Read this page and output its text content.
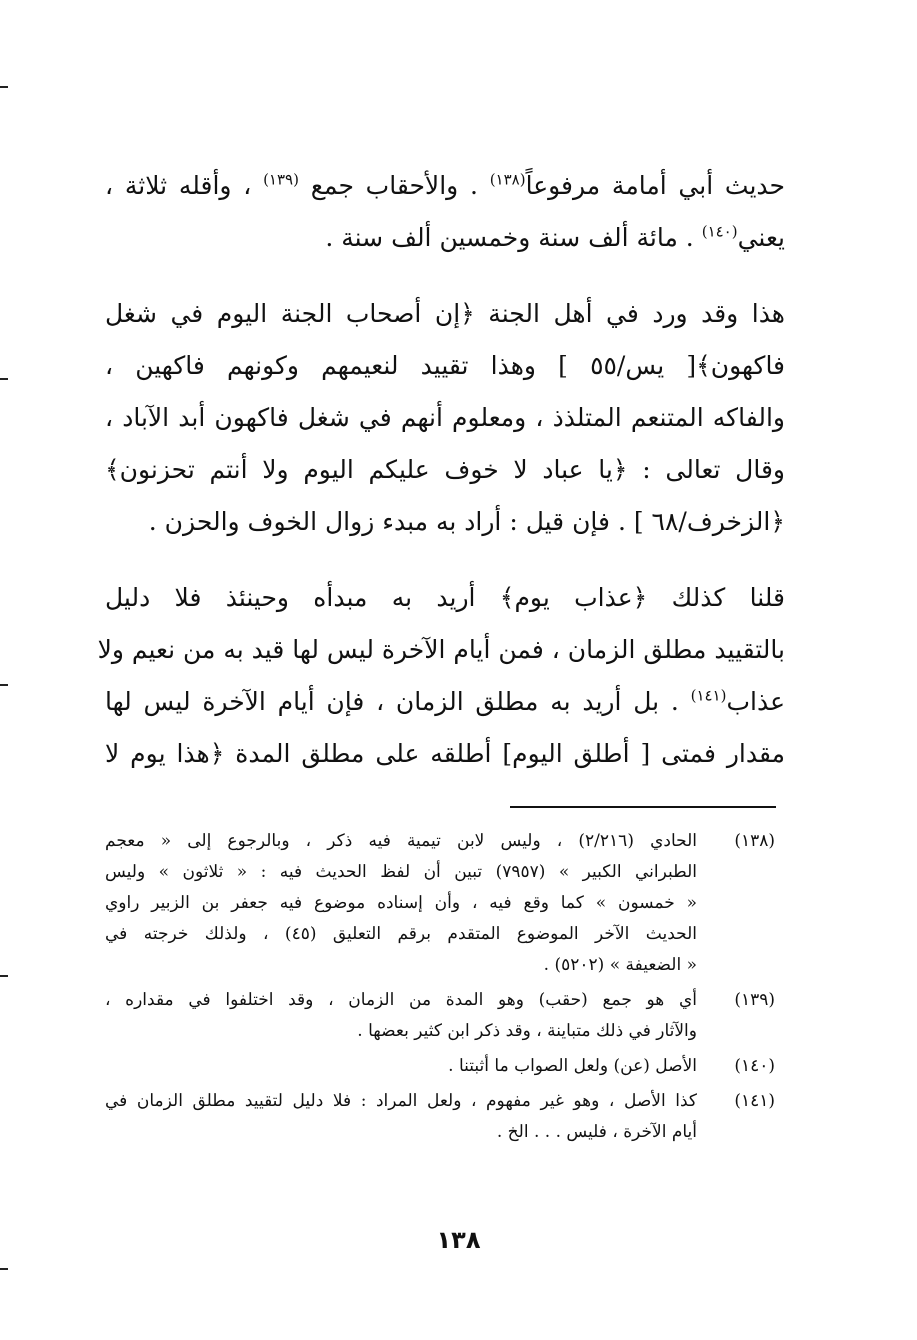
حديث أبي أمامة مرفوعاً$^{(١٣٨)}$ . والأحقاب جمع $^{(١٣٩)}$ ، وأقله ثلاثة ،
يعني$^{(١٤٠)}$ . مائة ألف سنة وخمسين ألف سنة .

هذا وقد ورد في أهل الجنة ﴿إن أصحاب الجنة اليوم في شغل
فاكهون﴾[ يس/٥٥ ] وهذا تقييد لنعيمهم وكونهم فاكهين ،
والفاكه المتنعم المتلذذ ، ومعلوم أنهم في شغل فاكهون أبد الآباد ،
وقال تعالى : ﴿يا عباد لا خوف عليكم اليوم ولا أنتم تحزنون﴾
﴿الزخرف/٦٨ ] . فإن قيل : أراد به مبدء زوال الخوف والحزن .

قلنا كذلك ﴿عذاب يوم﴾ أريد به مبدأه وحينئذ فلا دليل
بالتقييد مطلق الزمان ، فمن أيام الآخرة ليس لها قيد به من نعيم ولا
عذاب$^{(١٤١)}$ . بل أريد به مطلق الزمان ، فإن أيام الآخرة ليس لها
مقدار فمتى [ أطلق اليوم] أطلقه على مطلق المدة ﴿هذا يوم لا

(١٣٨)
الحادي (٢/٢١٦) ، وليس لابن تيمية فيه ذكر ، وبالرجوع إلى « معجم
الطبراني الكبير » (٧٩٥٧) تبين أن لفظ الحديث فيه : « ثلاثون » وليس
« خمسون » كما وقع فيه ، وأن إسناده موضوع فيه جعفر بن الزبير راوي
الحديث الآخر الموضوع المتقدم برقم التعليق (٤٥) ، ولذلك خرجته في
« الضعيفة » (٥٢٠٢) .
(١٣٩)
أي هو جمع (حقب) وهو المدة من الزمان ، وقد اختلفوا في مقداره ،
والآثار في ذلك متباينة ، وقد ذكر ابن كثير بعضها .
(١٤٠)
الأصل (عن) ولعل الصواب ما أثبتنا .
(١٤١)
كذا الأصل ، وهو غير مفهوم ، ولعل المراد : فلا دليل لتقييد مطلق الزمان في
أيام الآخرة ، فليس . . . الخ .
١٣٨
